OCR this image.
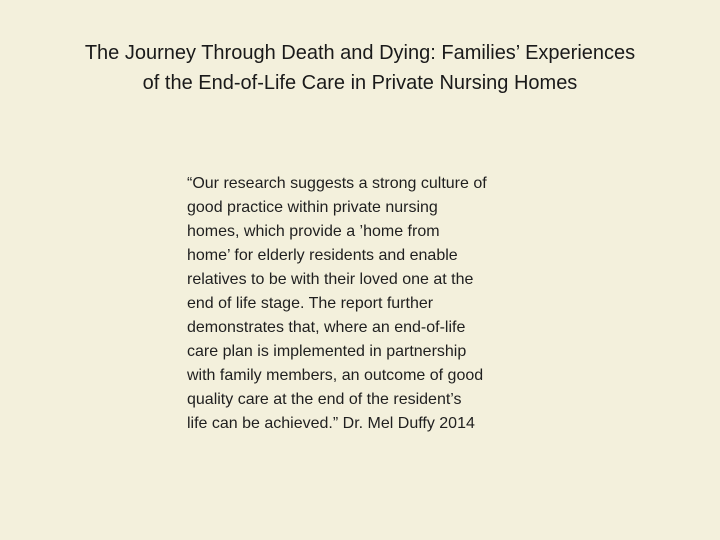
The Journey Through Death and Dying: Families’ Experiences
of the End-of-Life Care in Private Nursing Homes
“Our research suggests a strong culture of
good practice within private nursing
homes, which provide a ’home from
home’ for elderly residents and enable
relatives to be with their loved one at the
end of life stage. The report further
demonstrates that, where an end-of-life
care plan is implemented in partnership
with family members, an outcome of good
quality care at the end of the resident’s
life can be achieved.” Dr. Mel Duffy 2014
